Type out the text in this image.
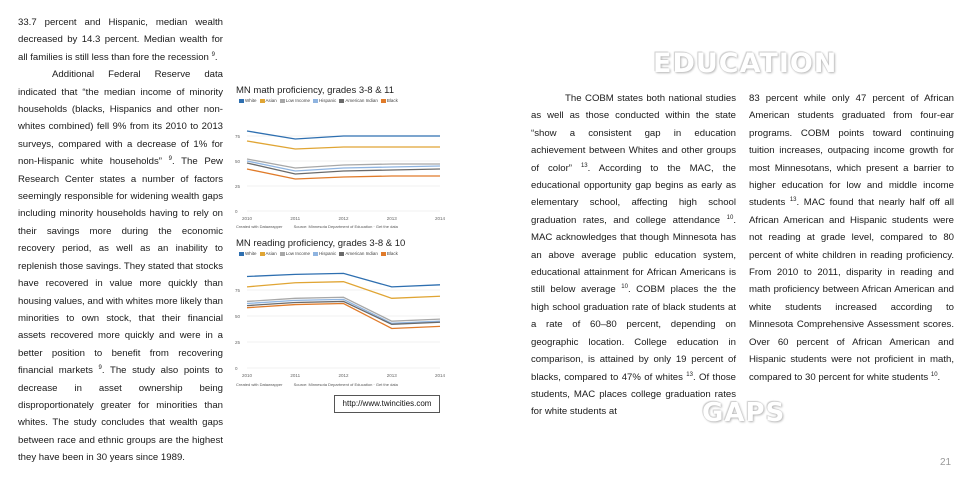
33.7 percent and Hispanic, median wealth decreased by 14.3 percent. Median wealth for all families is still less than fore the recession $^9$.

Additional Federal Reserve data indicated that “the median income of minority households (blacks, Hispanics and other non-whites combined) fell 9% from its 2010 to 2013 surveys, compared with a decrease of 1% for non-Hispanic white households” $^9$. The Pew Research Center states a number of factors seemingly responsible for widening wealth gaps including minority households having to rely on their savings more during the economic recovery period, as well as an inability to replenish those savings. They stated that stocks have recovered in value more quickly than housing values, and with whites more likely than minorities to own stock, that their financial assets recovered more quickly and were in a better position to benefit from recovering financial markets $^9$. The study also points to decrease in asset ownership being disproportionately greater for minorities than whites. The study concludes that wealth gaps between race and ethnic groups are the highest they have been in 30 years since 1989.

MN math proficiency, grades 3-8 & 11
White Asian Low Income Hispanic American Indian Black
75
50
25
0
2010	2011	2012	2013	2014
Created with Datawrapper	Source: Minnesota Department of Education · Get the data
MN reading proficiency, grades 3-8 & 10
White Asian Low Income Hispanic American Indian Black
75
50
25
0
2010	2011	2012	2013	2014
Created with Datawrapper	Source: Minnesota Department of Education · Get the data
http://www.twincities.com
EDUCATION
GAPS

The COBM states both national studies as well as those conducted within the state “show a consistent gap in education achievement between Whites and other groups of color” $^{13}$. According to the MAC, the educational opportunity gap begins as early as elementary school, affecting high school graduation rates, and college attendance $^{10}$. MAC acknowledges that though Minnesota has an above average public education system, educational attainment for African Americans is still below average $^{10}$. COBM places the the high school graduation rate of black students at a rate of 60–80 percent, depending on geographic location. College education in comparison, is attained by only 19 percent of blacks, compared to 47% of whites $^{13}$. Of those students, MAC places college graduation rates for white students at

83 percent while only 47 percent of African American students graduated from four-ear programs. COBM points toward continuing tuition increases, outpacing income growth for most Minnesotans, which present a barrier to higher education for low and middle income students $^{13}$. MAC found that nearly half off all African American and Hispanic students were not reading at grade level, compared to 80 percent of white children in reading proficiency. From 2010 to 2011, disparity in reading and math proficiency between African American and white students increased according to Minnesota Comprehensive Assessment scores. Over 60 percent of African American and Hispanic students were not proficient in math, compared to 30 percent for white students $^{10}$.

21
